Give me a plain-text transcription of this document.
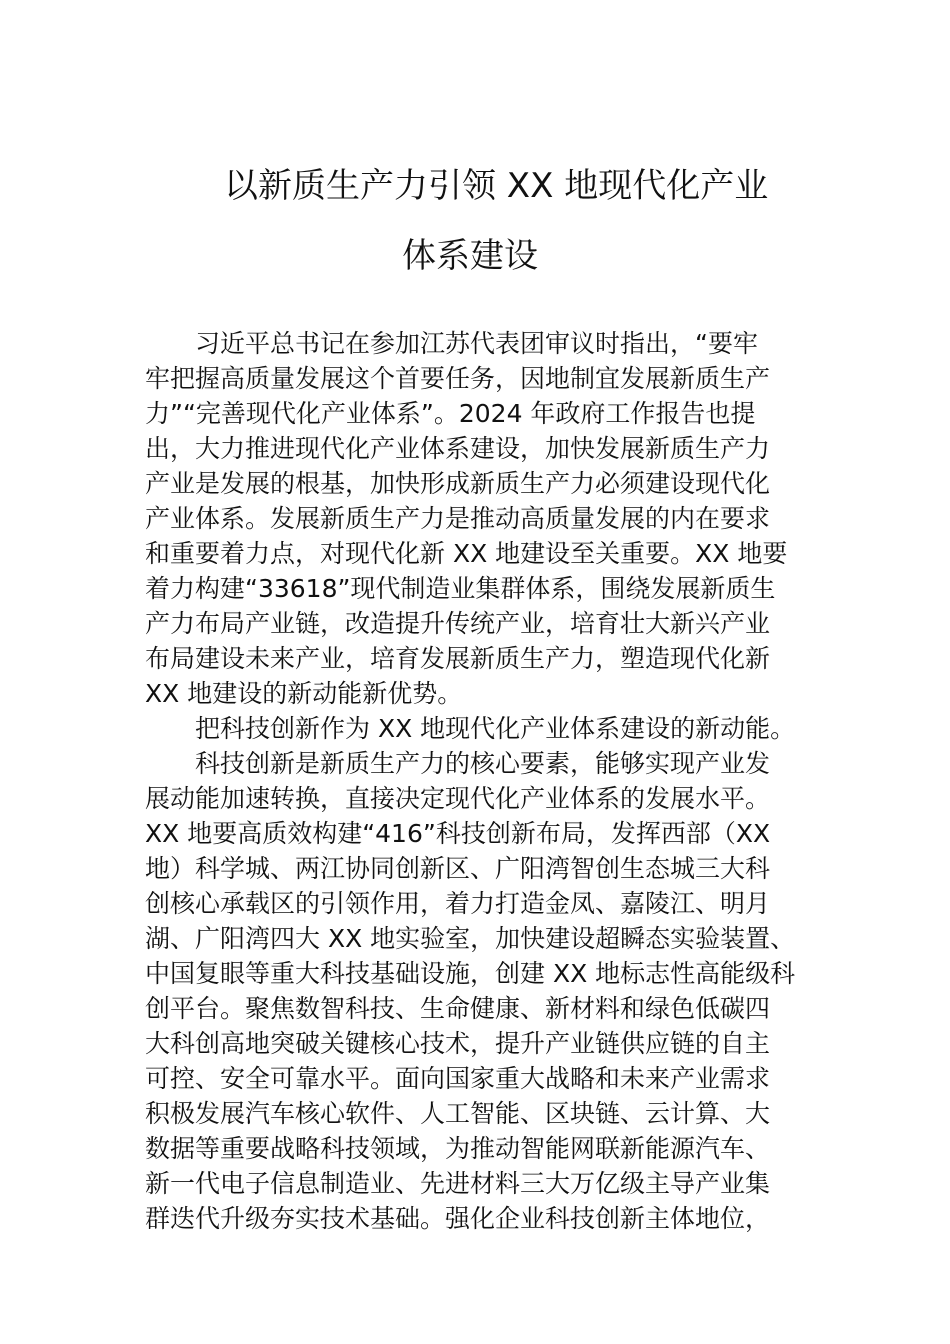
以新质生产力引领 XX 地现代化产业
体系建设

　　习近平总书记在参加江苏代表团审议时指出，“要牢

牢把握高质量发展这个首要任务，因地制宜发展新质生产

力”“完善现代化产业体系”。2024 年政府工作报告也提

出，大力推进现代化产业体系建设，加快发展新质生产力

产业是发展的根基，加快形成新质生产力必须建设现代化

产业体系。发展新质生产力是推动高质量发展的内在要求

和重要着力点，对现代化新 XX 地建设至关重要。XX 地要

着力构建“33618”现代制造业集群体系，围绕发展新质生

产力布局产业链，改造提升传统产业，培育壮大新兴产业

布局建设未来产业，培育发展新质生产力，塑造现代化新

XX 地建设的新动能新优势。

　　把科技创新作为 XX 地现代化产业体系建设的新动能。

　　科技创新是新质生产力的核心要素，能够实现产业发

展动能加速转换，直接决定现代化产业体系的发展水平。

XX 地要高质效构建“416”科技创新布局，发挥西部（XX

地）科学城、两江协同创新区、广阳湾智创生态城三大科

创核心承载区的引领作用，着力打造金凤、嘉陵江、明月

湖、广阳湾四大 XX 地实验室，加快建设超瞬态实验装置、

中国复眼等重大科技基础设施，创建 XX 地标志性高能级科

创平台。聚焦数智科技、生命健康、新材料和绿色低碳四

大科创高地突破关键核心技术，提升产业链供应链的自主

可控、安全可靠水平。面向国家重大战略和未来产业需求

积极发展汽车核心软件、人工智能、区块链、云计算、大

数据等重要战略科技领域，为推动智能网联新能源汽车、

新一代电子信息制造业、先进材料三大万亿级主导产业集

群迭代升级夯实技术基础。强化企业科技创新主体地位，
